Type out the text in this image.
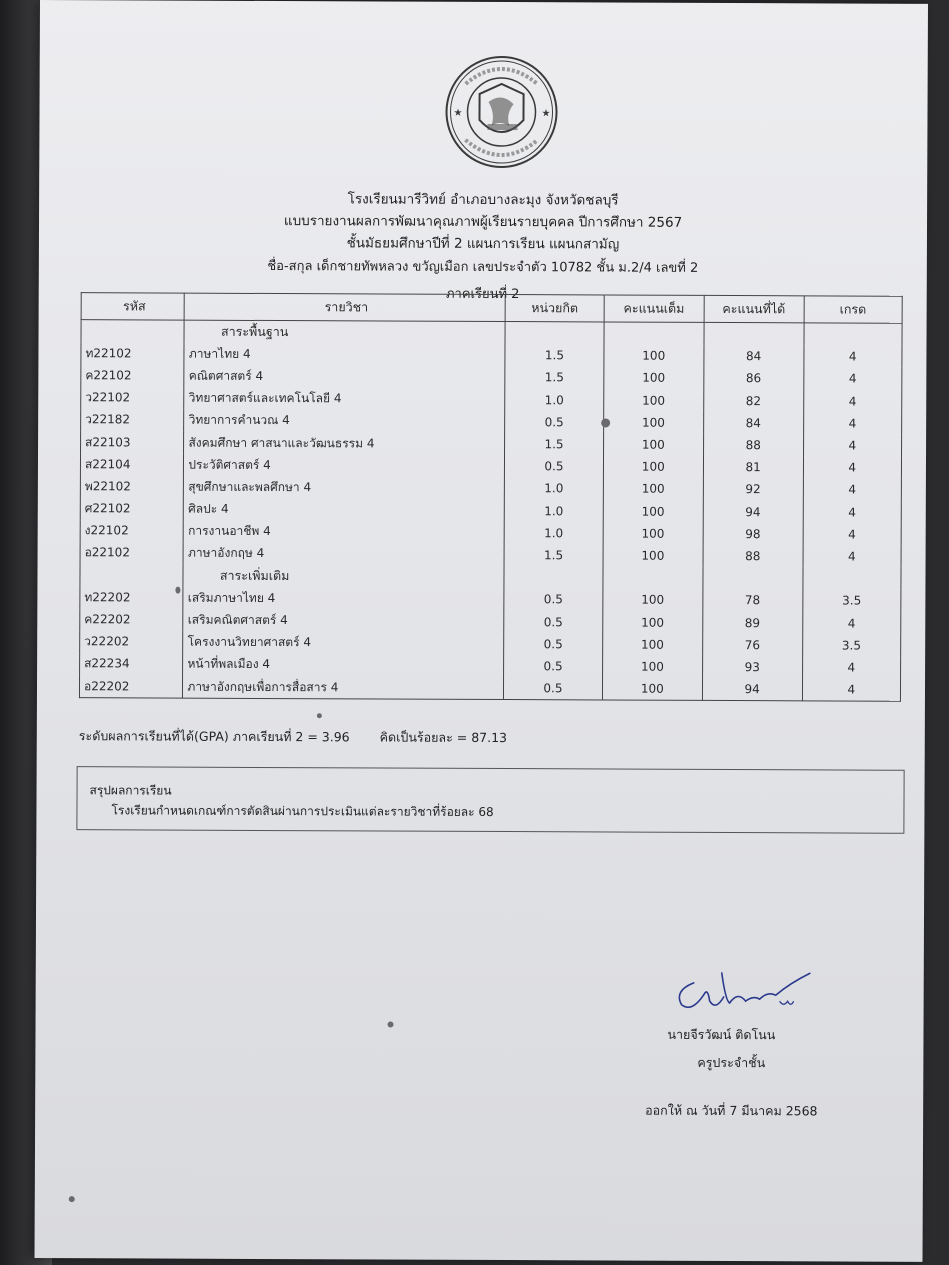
★	★
โรงเรียนมารีวิทย์ อำเภอบางละมุง จังหวัดชลบุรี
แบบรายงานผลการพัฒนาคุณภาพผู้เรียนรายบุคคล ปีการศึกษา 2567
ชั้นมัธยมศึกษาปีที่ 2 แผนการเรียน แผนกสามัญ
ชื่อ-สกุล เด็กชายทัพหลวง ขวัญเมือก เลขประจำตัว 10782 ชั้น ม.2/4 เลขที่ 2
ภาคเรียนที่ 2
รหัส	รายวิชา	หน่วยกิต	คะแนนเต็ม	คะแนนที่ได้	เกรด
	สาระพื้นฐาน				
ท22102	ภาษาไทย 4	1.5	100	84	4
ค22102	คณิตศาสตร์ 4	1.5	100	86	4
ว22102	วิทยาศาสตร์และเทคโนโลยี 4	1.0	100	82	4
ว22182	วิทยาการคำนวณ 4	0.5	100	84	4
ส22103	สังคมศึกษา ศาสนาและวัฒนธรรม 4	1.5	100	88	4
ส22104	ประวัติศาสตร์ 4	0.5	100	81	4
พ22102	สุขศึกษาและพลศึกษา 4	1.0	100	92	4
ศ22102	ศิลปะ 4	1.0	100	94	4
ง22102	การงานอาชีพ 4	1.0	100	98	4
อ22102	ภาษาอังกฤษ 4	1.5	100	88	4
	สาระเพิ่มเติม				
ท22202	เสริมภาษาไทย 4	0.5	100	78	3.5
ค22202	เสริมคณิตศาสตร์ 4	0.5	100	89	4
ว22202	โครงงานวิทยาศาสตร์ 4	0.5	100	76	3.5
ส22234	หน้าที่พลเมือง 4	0.5	100	93	4
อ22202	ภาษาอังกฤษเพื่อการสื่อสาร 4	0.5	100	94	4
ระดับผลการเรียนที่ได้(GPA) ภาคเรียนที่ 2 = 3.96 คิดเป็นร้อยละ = 87.13
สรุปผลการเรียน
โรงเรียนกำหนดเกณฑ์การตัดสินผ่านการประเมินแต่ละรายวิชาที่ร้อยละ 68
นายจีรวัฒน์ ติดโนน
ครูประจำชั้น
ออกให้ ณ วันที่ 7 มีนาคม 2568
